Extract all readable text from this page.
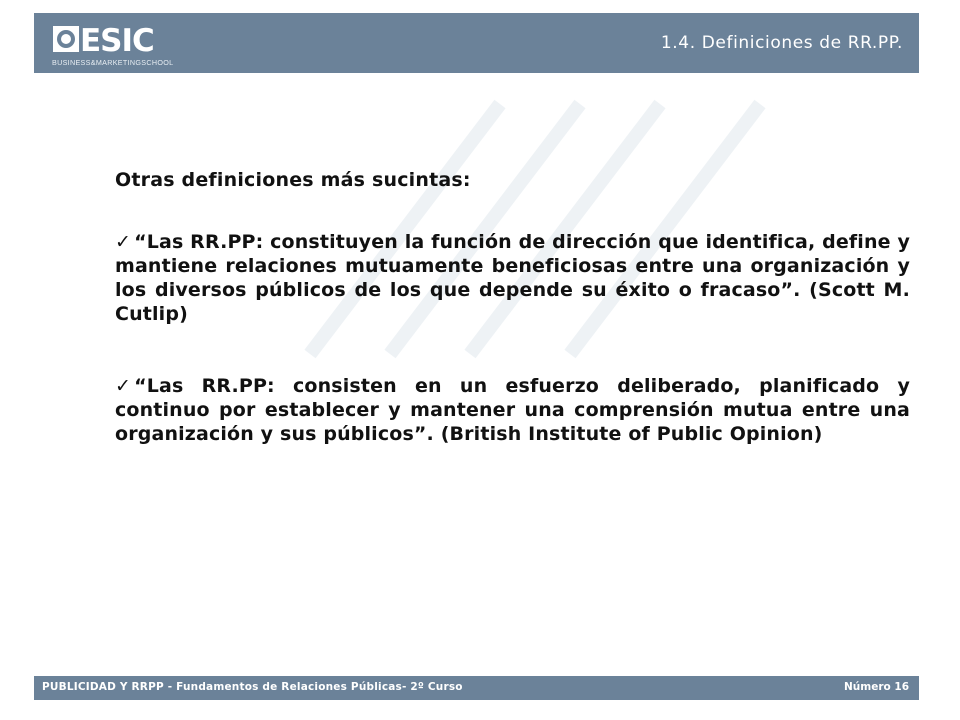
ESIC
BUSINESS&MARKETINGSCHOOL
1.4. Definiciones de RR.PP.

Otras definiciones más sucintas:

✓ “Las RR.PP: constituyen la función de dirección que identifica, define y mantiene relaciones mutuamente beneficiosas entre una organización y los diversos públicos de los que depende su éxito o fracaso”. (Scott M. Cutlip)

✓ “Las RR.PP: consisten en un esfuerzo deliberado, planificado y continuo por establecer y mantener una comprensión mutua entre una organización y sus públicos”. (British Institute of Public Opinion)

PUBLICIDAD Y RRPP - Fundamentos de Relaciones Públicas- 2º Curso	Número 16
